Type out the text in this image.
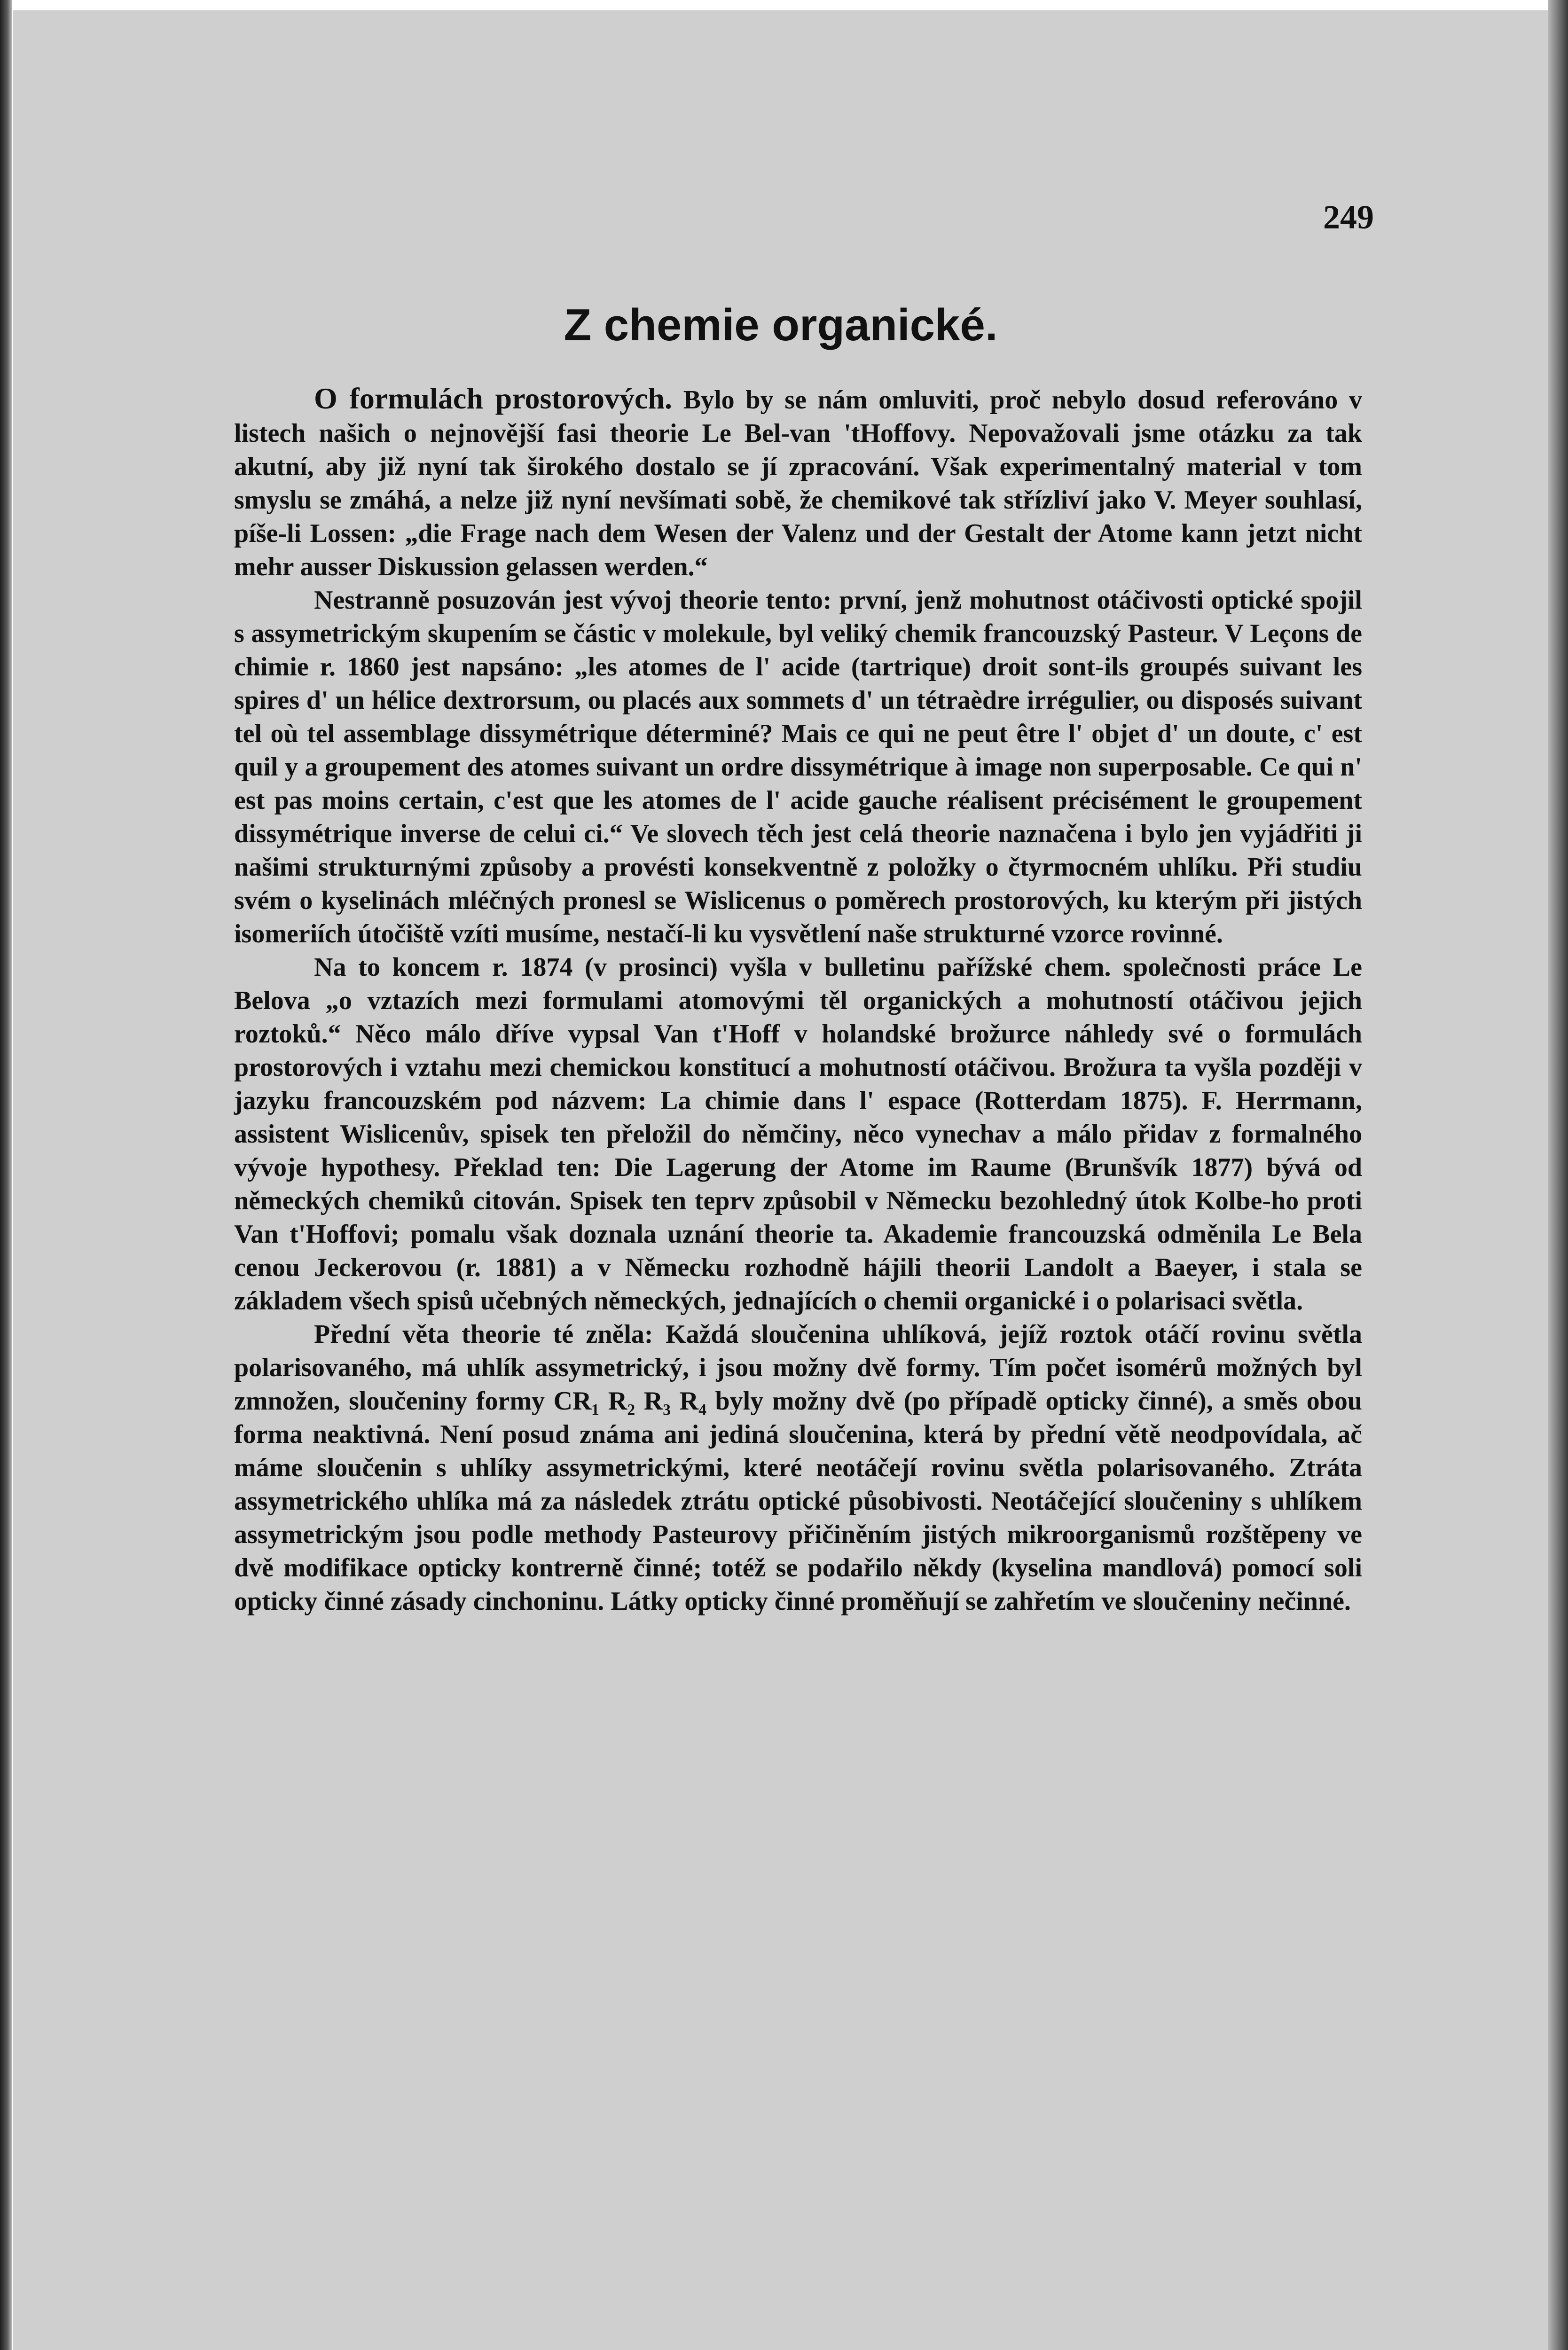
249
Z chemie organické.

O formulách prostorových. Bylo by se nám omluviti, proč nebylo dosud referováno v listech našich o nejnovější fasi theorie Le Bel-van 'tHoffovy. Nepovažovali jsme otázku za tak akutní, aby již nyní tak širokého dostalo se jí zpracování. Však experimentalný material v tom smyslu se zmáhá, a nelze již nyní nevšímati sobě, že chemikové tak střízliví jako V. Meyer souhlasí, píše-li Lossen: „die Frage nach dem Wesen der Valenz und der Gestalt der Atome kann jetzt nicht mehr ausser Diskussion gelassen werden.“

Nestranně posuzován jest vývoj theorie tento: první, jenž mohutnost otáčivosti optické spojil s assymetrickým skupením se částic v molekule, byl veliký chemik francouzský Pasteur. V Leçons de chimie r. 1860 jest napsáno: „les atomes de l' acide (tartrique) droit sont-ils groupés suivant les spires d' un hélice dextrorsum, ou placés aux sommets d' un tétraèdre irrégulier, ou disposés suivant tel où tel assemblage dissymétrique déterminé? Mais ce qui ne peut être l' objet d' un doute, c' est quil y a groupement des atomes suivant un ordre dissymétrique à image non superposable. Ce qui n' est pas moins certain, c'est que les atomes de l' acide gauche réalisent précisément le groupement dissymétrique inverse de celui ci.“ Ve slovech těch jest celá theorie naznačena i bylo jen vyjádřiti ji našimi strukturnými způsoby a provésti konsekventně z položky o čtyrmocném uhlíku. Při studiu svém o kyselinách mléčných pronesl se Wislicenus o poměrech prostorových, ku kterým při jistých isomeriích útočiště vzíti musíme, nestačí-li ku vysvětlení naše strukturné vzorce rovinné.

Na to koncem r. 1874 (v prosinci) vyšla v bulletinu pařížské chem. společnosti práce Le Belova „o vztazích mezi formulami atomovými těl organických a mohutností otáčivou jejich roztoků.“ Něco málo dříve vypsal Van t'Hoff v holandské brožurce náhledy své o formulách prostorových i vztahu mezi chemickou konstitucí a mohutností otáčivou. Brožura ta vyšla později v jazyku francouzském pod názvem: La chimie dans l' espace (Rotterdam 1875). F. Herrmann, assistent Wislicenův, spisek ten přeložil do němčiny, něco vynechav a málo přidav z formalného vývoje hypothesy. Překlad ten: Die Lagerung der Atome im Raume (Brunšvík 1877) bývá od německých chemiků citován. Spisek ten teprv způsobil v Německu bezohledný útok Kolbe-ho proti Van t'Hoffovi; pomalu však doznala uznání theorie ta. Akademie francouzská odměnila Le Bela cenou Jeckerovou (r. 1881) a v Německu rozhodně hájili theorii Landolt a Baeyer, i stala se základem všech spisů učebných německých, jednajících o chemii organické i o polarisaci světla.

Přední věta theorie té zněla: Každá sloučenina uhlíková, jejíž roztok otáčí rovinu světla polarisovaného, má uhlík assymetrický, i jsou možny dvě formy. Tím počet isomérů možných byl zmnožen, sloučeniny formy CR₁ R₂ R₃ R₄ byly možny dvě (po případě opticky činné), a směs obou forma neaktivná. Není posud známa ani jediná sloučenina, která by přední větě neodpovídala, ač máme sloučenin s uhlíky assymetrickými, které neotáčejí rovinu světla polarisovaného. Ztráta assymetrického uhlíka má za následek ztrátu optické působivosti. Neotáčející sloučeniny s uhlíkem assymetrickým jsou podle methody Pasteurovy přičiněním jistých mikroorganismů rozštěpeny ve dvě modifikace opticky kontrerně činné; totéž se podařilo někdy (kyselina mandlová) pomocí soli opticky činné zásady cinchoninu. Látky opticky činné proměňují se zahřetím ve sloučeniny nečinné.
